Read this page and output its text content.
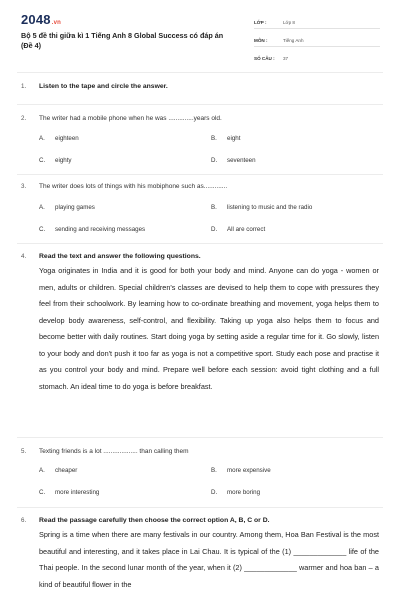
2048.vn
Bộ 5 đề thi giữa kì 1 Tiếng Anh 8 Global Success có đáp án (Đề 4)
LỚP :	Lớp 8
MÔN :	Tiếng Anh
SỐ CÂU :	37
1. Listen to the tape and circle the answer.
2. The writer had a mobile phone when he was ..............years old.
A. eighteen	B. eight
C. eighty	D. seventeen
3. The writer does lots of things with his mobiphone such as.............
A. playing games	B. listening to music and the radio
C. sending and receiving messages	D. All are correct
4. Read the text and answer the following questions.

Yoga originates in India and it is good for both your body and mind. Anyone can do yoga - women or men, adults or children. Special children's classes are devised to help them to cope with pressures they feel from their schoolwork. By learning how to co-ordinate breathing and movement, yoga helps them to develop body awareness, self-control, and flexibility. Taking up yoga also helps them to focus and become better with daily routines. Start doing yoga by setting aside a regular time for it. Go slowly, listen to your body and don't push it too far as yoga is not a competitive sport. Study each pose and practise it as you control your body and mind. Prepare well before each session: avoid tight clothing and a full stomach. An ideal time to do yoga is before breakfast.

5. Texting friends is a lot ................... than calling them
A. cheaper	B. more expensive
C. more interesting	D. more boring
6. Read the passage carefully then choose the correct option A, B, C or D.

Spring is a time when there are many festivals in our country. Among them, Hoa Ban Festival is the most beautiful and interesting, and it takes place in Lai Chau. It is typical of the (1) _____________ life of the Thai people. In the second lunar month of the year, when it (2) _____________ warmer and hoa ban – a kind of beautiful flower in the
